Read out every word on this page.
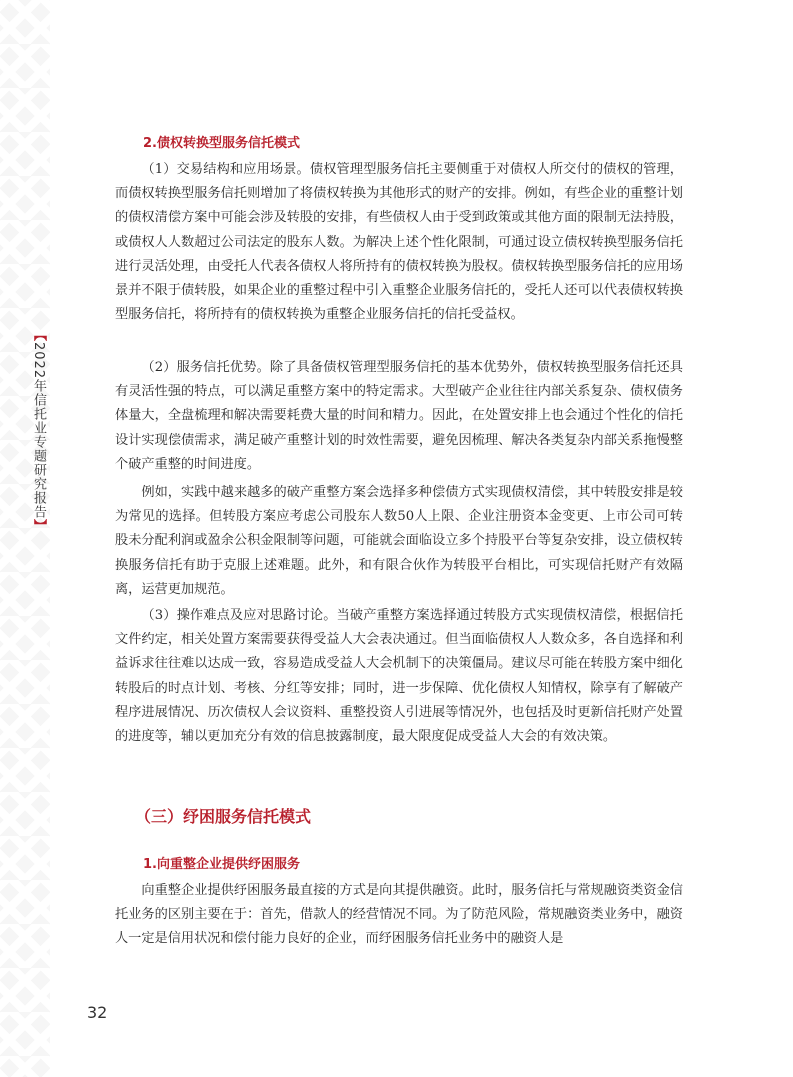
【2022年信托业专题研究报告】
2.债权转换型服务信托模式

（1）交易结构和应用场景。债权管理型服务信托主要侧重于对债权人所交付的债权的管理，而债权转换型服务信托则增加了将债权转换为其他形式的财产的安排。例如，有些企业的重整计划的债权清偿方案中可能会涉及转股的安排，有些债权人由于受到政策或其他方面的限制无法持股，或债权人人数超过公司法定的股东人数。为解决上述个性化限制，可通过设立债权转换型服务信托进行灵活处理，由受托人代表各债权人将所持有的债权转换为股权。债权转换型服务信托的应用场景并不限于债转股，如果企业的重整过程中引入重整企业服务信托的，受托人还可以代表债权转换型服务信托，将所持有的债权转换为重整企业服务信托的信托受益权。

（2）服务信托优势。除了具备债权管理型服务信托的基本优势外，债权转换型服务信托还具有灵活性强的特点，可以满足重整方案中的特定需求。大型破产企业往往内部关系复杂、债权债务体量大，全盘梳理和解决需要耗费大量的时间和精力。因此，在处置安排上也会通过个性化的信托设计实现偿债需求，满足破产重整计划的时效性需要，避免因梳理、解决各类复杂内部关系拖慢整个破产重整的时间进度。

例如，实践中越来越多的破产重整方案会选择多种偿债方式实现债权清偿，其中转股安排是较为常见的选择。但转股方案应考虑公司股东人数50人上限、企业注册资本金变更、上市公司可转股未分配利润或盈余公积金限制等问题，可能就会面临设立多个持股平台等复杂安排，设立债权转换服务信托有助于克服上述难题。此外，和有限合伙作为转股平台相比，可实现信托财产有效隔离，运营更加规范。

（3）操作难点及应对思路讨论。当破产重整方案选择通过转股方式实现债权清偿，根据信托文件约定，相关处置方案需要获得受益人大会表决通过。但当面临债权人人数众多，各自选择和利益诉求往往难以达成一致，容易造成受益人大会机制下的决策僵局。建议尽可能在转股方案中细化转股后的时点计划、考核、分红等安排；同时，进一步保障、优化债权人知情权，除享有了解破产程序进展情况、历次债权人会议资料、重整投资人引进展等情况外，也包括及时更新信托财产处置的进度等，辅以更加充分有效的信息披露制度，最大限度促成受益人大会的有效决策。

（三）纾困服务信托模式
1.向重整企业提供纾困服务

向重整企业提供纾困服务最直接的方式是向其提供融资。此时，服务信托与常规融资类资金信托业务的区别主要在于：首先，借款人的经营情况不同。为了防范风险，常规融资类业务中，融资人一定是信用状况和偿付能力良好的企业，而纾困服务信托业务中的融资人是

32
